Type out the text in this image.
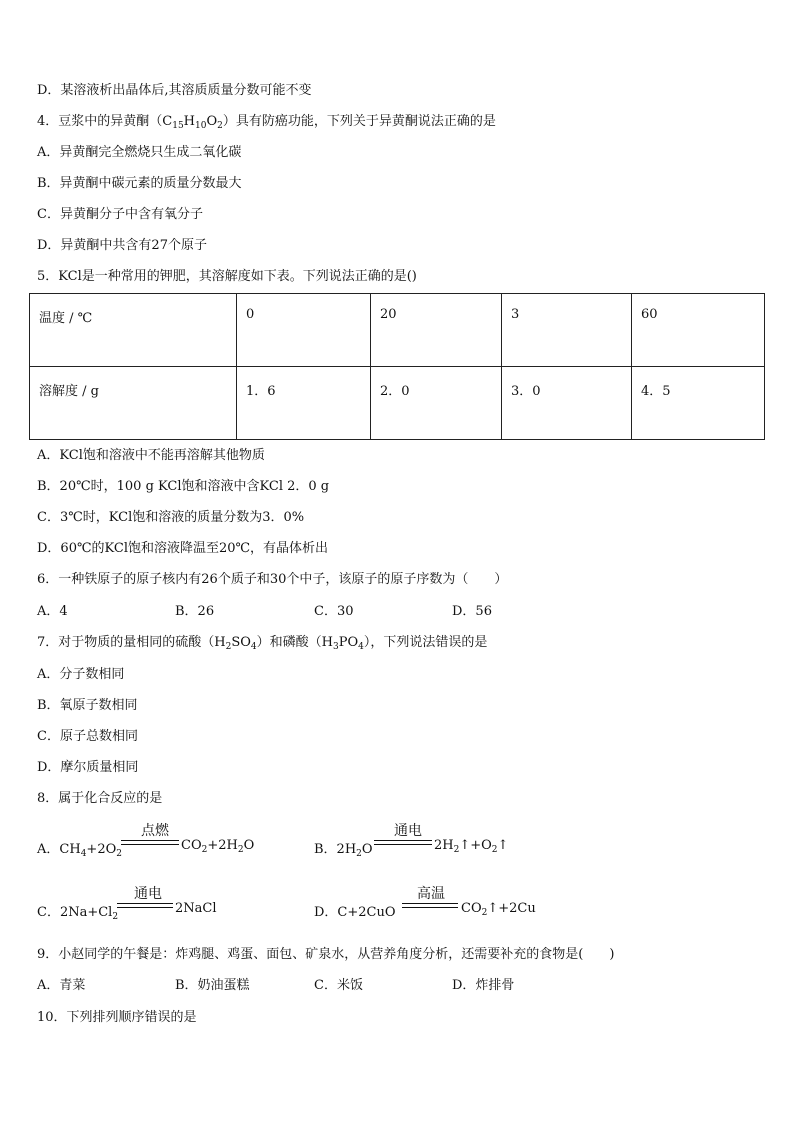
D．某溶液析出晶体后,其溶质质量分数可能不变
4．豆浆中的异黄酮$(C_{15}H_{10}O_2)$具有防癌功能，下列关于异黄酮说法正确的是
A．异黄酮完全燃烧只生成二氧化碳
B．异黄酮中碳元素的质量分数最大
C．异黄酮分子中含有氧分子
D．异黄酮中共含有27个原子
5．KCl是一种常用的钾肥，其溶解度如下表。下列说法正确的是()
温度 / ℃	0	20	3	60
溶解度 / g	1．6	2．0	3．0	4．5
A．KCl饱和溶液中不能再溶解其他物质
B．20℃时，100 g KCl饱和溶液中含KCl 2．0 g
C．3℃时，KCl饱和溶液的质量分数为3．0%
D．60℃的KCl饱和溶液降温至20℃，有晶体析出
6．一种铁原子的原子核内有26个质子和30个中子，该原子的原子序数为（　　）
A．4	B．26	C．30	D．56
7．对于物质的量相同的硫酸$(H_2SO_4)$和磷酸$(H_3PO_4)$，下列说法错误的是
A．分子数相同
B．氧原子数相同
C．原子总数相同
D．摩尔质量相同
8．属于化合反应的是
A．$CH_4+2O_2$
点燃
$CO_2+2H_2O$	B．$2H_2O$
通电
$2H_2↑+O_2↑$
C．$2Na+Cl_2$
通电
2NaCl	D．C+2CuO
高温
$CO_2↑+2Cu$
9．小赵同学的午餐是：炸鸡腿、鸡蛋、面包、矿泉水，从营养角度分析，还需要补充的食物是(　　)
A．青菜	B．奶油蛋糕	C．米饭	D．炸排骨
10．下列排列顺序错误的是
